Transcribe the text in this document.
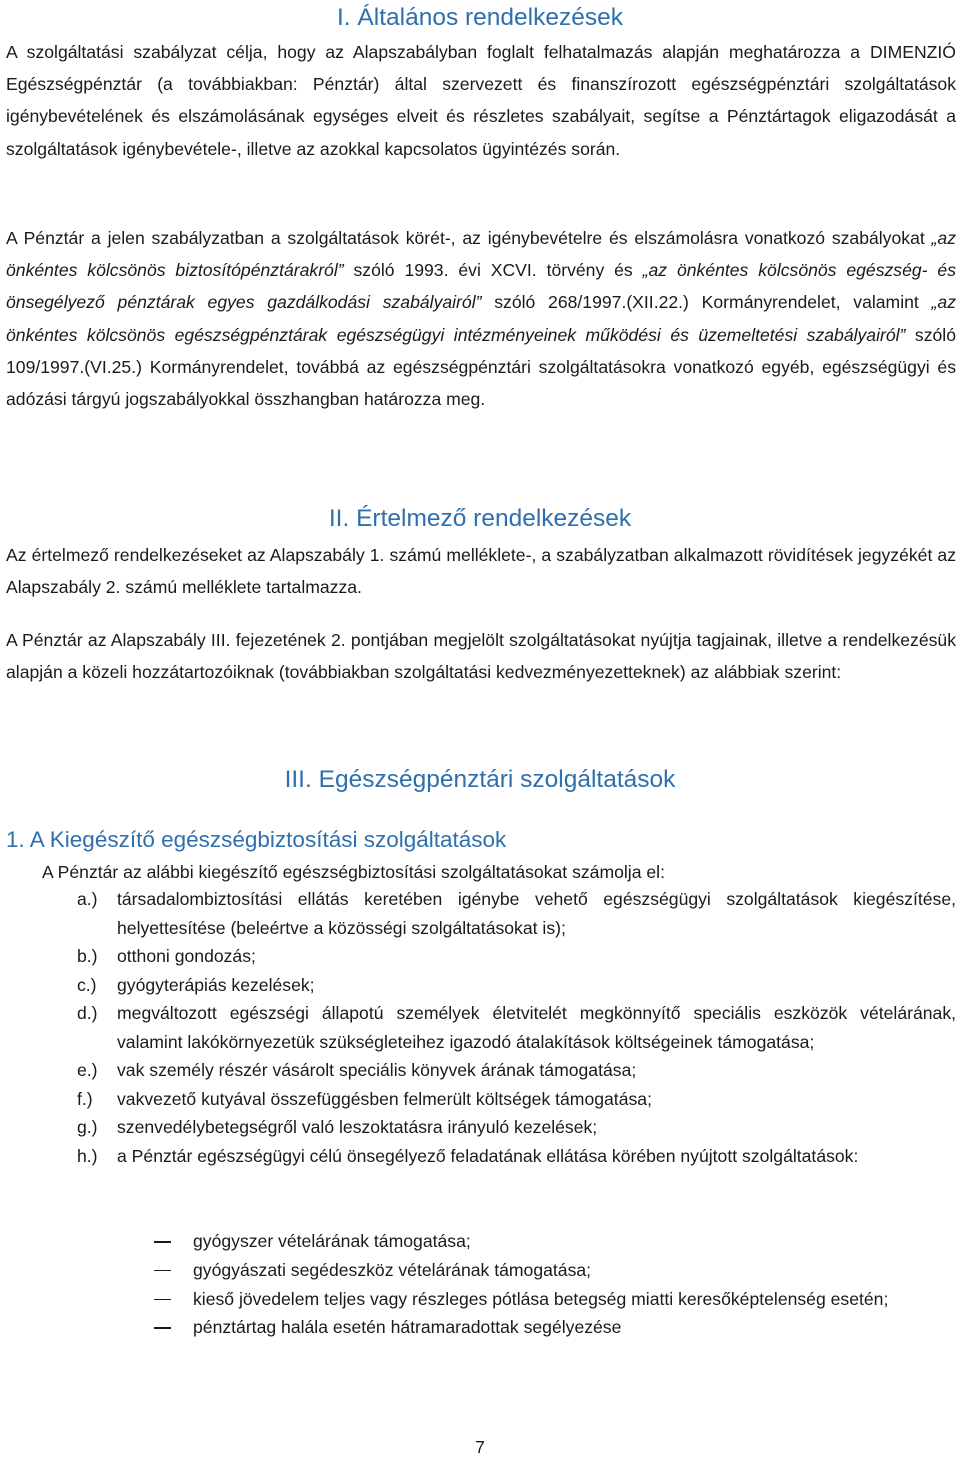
I. Általános rendelkezések

A szolgáltatási szabályzat célja, hogy az Alapszabályban foglalt felhatalmazás alapján meghatározza a DIMENZIÓ Egészségpénztár (a továbbiakban: Pénztár) által szervezett és finanszírozott egészségpénztári szolgáltatások igénybevételének és elszámolásának egységes elveit és részletes szabályait, segítse a Pénztártagok eligazodását a szolgáltatások igénybevétele-, illetve az azokkal kapcsolatos ügyintézés során.

A Pénztár a jelen szabályzatban a szolgáltatások körét-, az igénybevételre és elszámolásra vonatkozó szabályokat „az önkéntes kölcsönös biztosítópénztárakról” szóló 1993. évi XCVI. törvény és „az önkéntes kölcsönös egészség- és önsegélyező pénztárak egyes gazdálkodási szabályairól” szóló 268/1997.(XII.22.) Kormányrendelet, valamint „az önkéntes kölcsönös egészségpénztárak egészségügyi intézményeinek működési és üzemeltetési szabályairól” szóló 109/1997.(VI.25.) Kormányrendelet, továbbá az egészségpénztári szolgáltatásokra vonatkozó egyéb, egészségügyi és adózási tárgyú jogszabályokkal összhangban határozza meg.

II. Értelmező rendelkezések

Az értelmező rendelkezéseket az Alapszabály 1. számú melléklete-, a szabályzatban alkalmazott rövidítések jegyzékét az Alapszabály 2. számú melléklete tartalmazza.

A Pénztár az Alapszabály III. fejezetének 2. pontjában megjelölt szolgáltatásokat nyújtja tagjainak, illetve a rendelkezésük alapján a közeli hozzátartozóiknak (továbbiakban szolgáltatási kedvezményezetteknek) az alábbiak szerint:

III. Egészségpénztári szolgáltatások
1. A Kiegészítő egészségbiztosítási szolgáltatások

A Pénztár az alábbi kiegészítő egészségbiztosítási szolgáltatásokat számolja el:

a.)	társadalombiztosítási ellátás keretében igénybe vehető egészségügyi szolgáltatások kiegészítése, helyettesítése (beleértve a közösségi szolgáltatásokat is);
b.)	otthoni gondozás;
c.)	gyógyterápiás kezelések;
d.)	megváltozott egészségi állapotú személyek életvitelét megkönnyítő speciális eszközök vételárának, valamint lakókörnyezetük szükségleteihez igazodó átalakítások költségeinek támogatása;
e.)	vak személy részér vásárolt speciális könyvek árának támogatása;
f.)	vakvezető kutyával összefüggésben felmerült költségek támogatása;
g.)	szenvedélybetegségről való leszoktatásra irányuló kezelések;
h.)	a Pénztár egészségügyi célú önsegélyező feladatának ellátása körében nyújtott szolgáltatások:
gyógyszer vételárának támogatása;
gyógyászati segédeszköz vételárának támogatása;
kieső jövedelem teljes vagy részleges pótlása betegség miatti keresőképtelenség esetén;
pénztártag halála esetén hátramaradottak segélyezése
7
